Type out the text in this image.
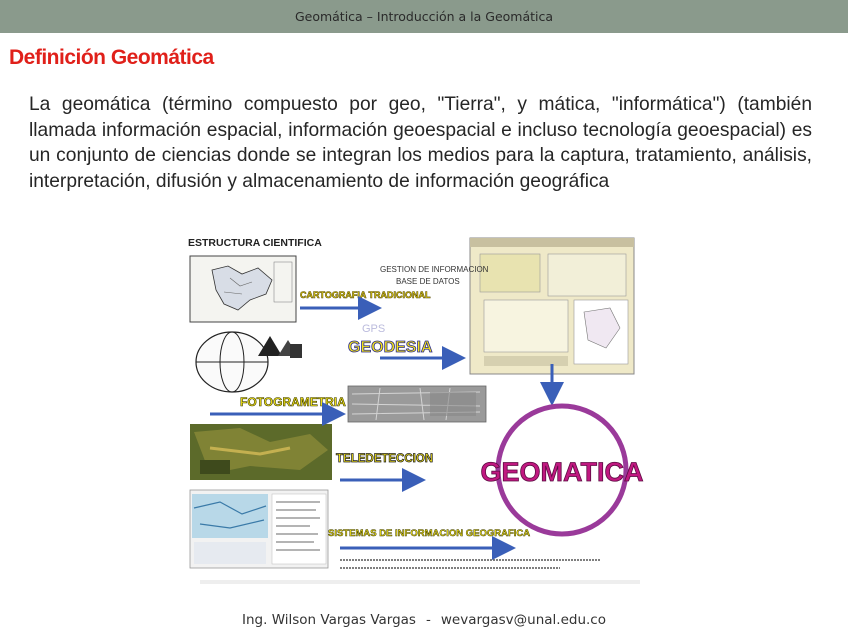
Geomática – Introducción a la Geomática
Definición Geomática
La geomática (término compuesto por geo, "Tierra", y mática, "informática") (también llamada información espacial, información geoespacial e incluso tecnología geoespacial) es un conjunto de ciencias donde se integran los medios para la captura, tratamiento, análisis, interpretación, difusión y almacenamiento de información geográfica
ESTRUCTURA CIENTIFICA
CARTOGRAFIA TRADICIONAL
GESTION DE INFORMACION
BASE DE DATOS
GPS
GEODESIA
FOTOGRAMETRIA
TELEDETECCION
SISTEMAS DE INFORMACION GEOGRAFICA
GEOMATICA
Ing. Wilson Vargas Vargas - wevargasv@unal.edu.co
